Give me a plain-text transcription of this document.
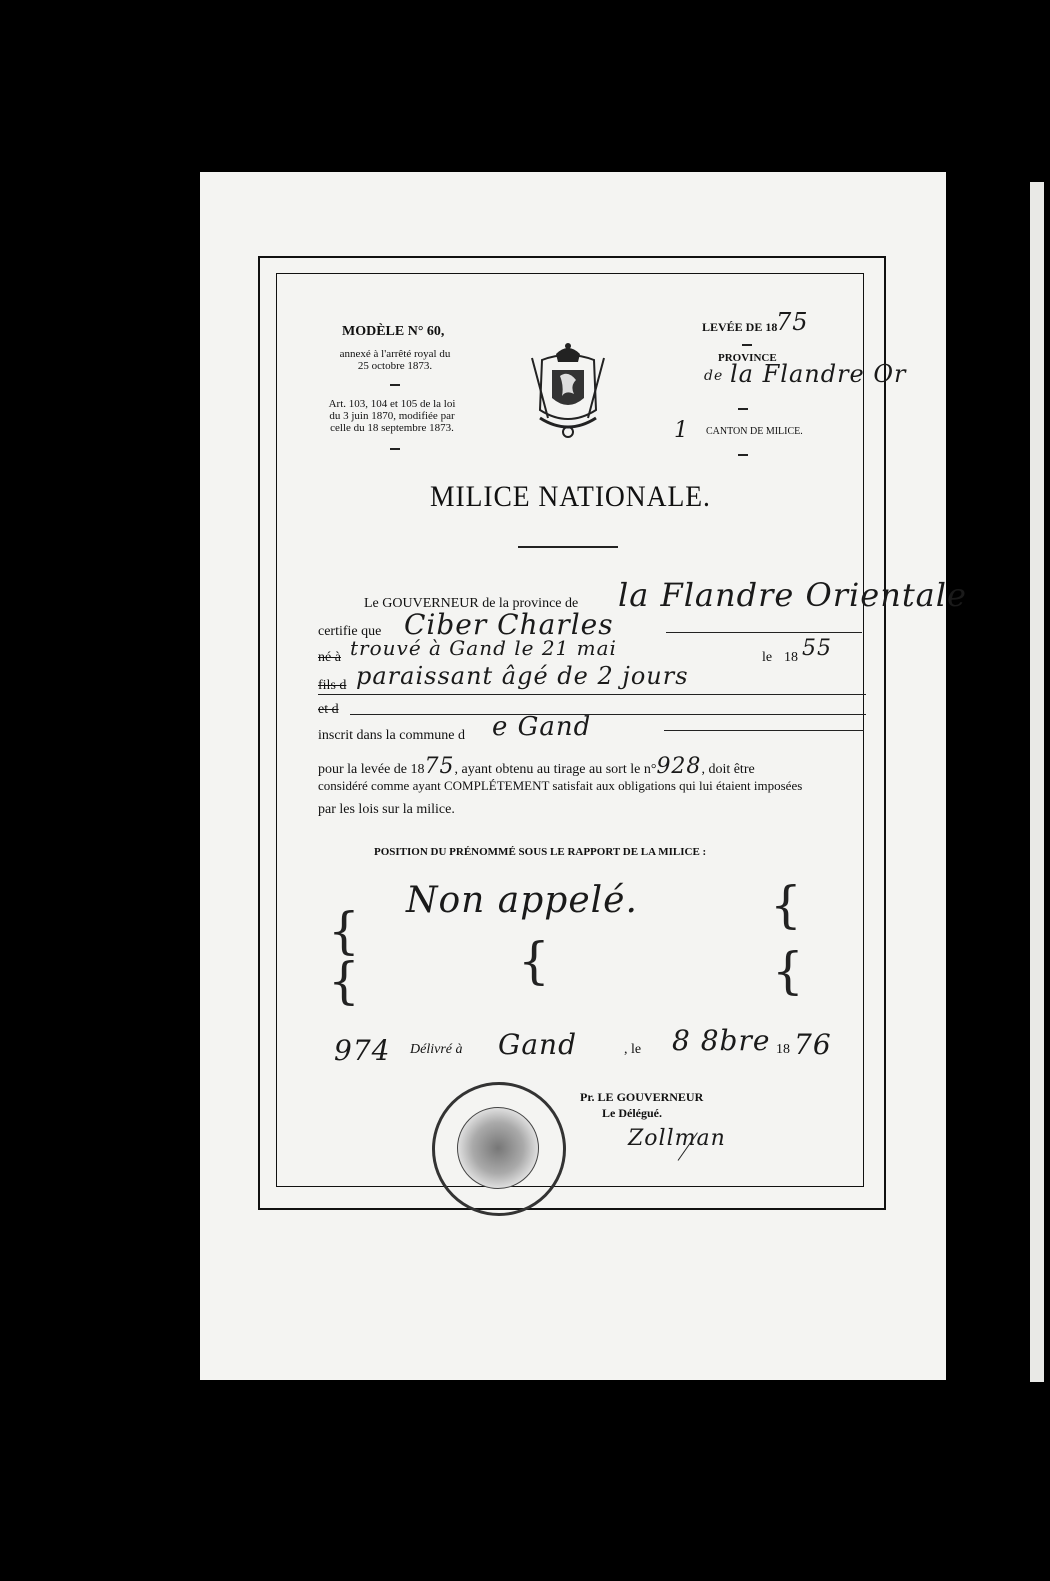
MODÈLE N° 60,
annexé à l'arrêté royal du
25 octobre 1873.
Art. 103, 104 et 105 de la loi
du 3 juin 1870, modifiée par
celle du 18 septembre 1873.
LEVÉE DE 18
75
PROVINCE
de la Flandre Or
1 CANTON DE MILICE.
MILICE NATIONALE.
Le GOUVERNEUR de la province de la Flandre Orientale
certifie que Ciber Charles
né à trouvé à Gand le 21 mai	le 18 55
fils d paraissant âgé de 2 jours
et d
inscrit dans la commune d e Gand
pour la levée de 1875, ayant obtenu au tirage au sort le n°928, doit être
considéré comme ayant COMPLÉTEMENT satisfait aux obligations qui lui étaient imposées
par les lois sur la milice.
POSITION DU PRÉNOMMÉ SOUS LE RAPPORT DE LA MILICE :
Non appelé.
{
{	{
{
{
974 Délivré à Gand	, le 8 8bre 18 76
Pr. LE GOUVERNEUR
Le Délégué.
Zollman
